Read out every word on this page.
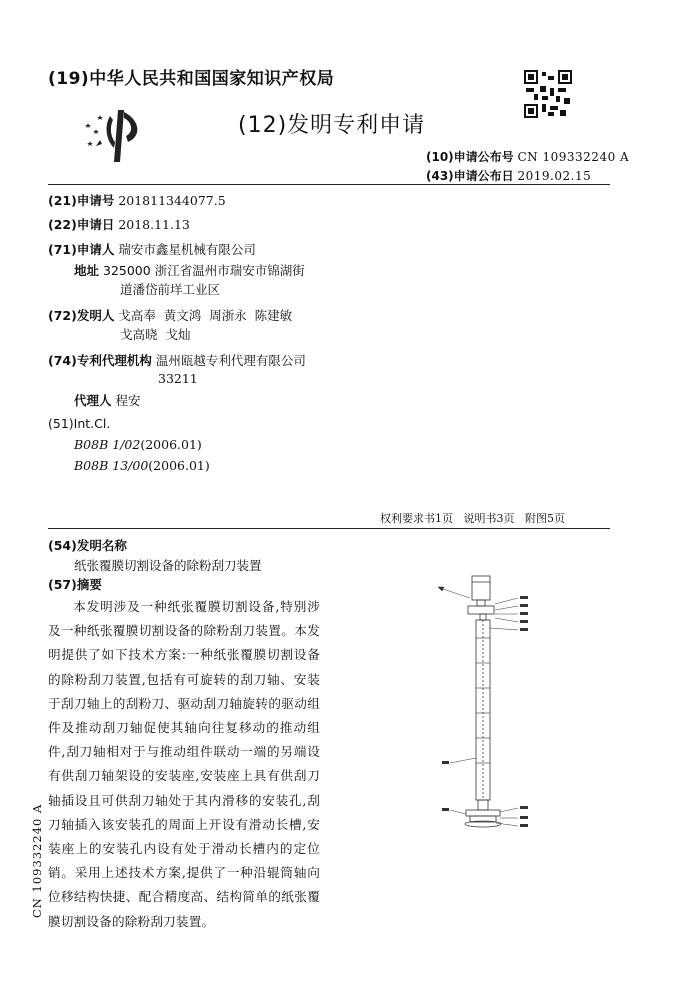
(19)中华人民共和国国家知识产权局
(12)发明专利申请
(10)申请公布号 CN 109332240 A
(43)申请公布日 2019.02.15
(21)申请号 201811344077.5
(22)申请日 2018.11.13
(71)申请人 瑞安市鑫星机械有限公司
地址 325000 浙江省温州市瑞安市锦湖街
道潘岱前垟工业区
(72)发明人 戈高奉  黄文鸿  周浙永  陈建敏
戈高晓  戈灿
(74)专利代理机构 温州瓯越专利代理有限公司
33211
代理人 程安
(51)Int.Cl.
B08B 1/02(2006.01)
B08B 13/00(2006.01)
权利要求书1页   说明书3页   附图5页
(54)发明名称
纸张覆膜切割设备的除粉刮刀装置
(57)摘要
本发明涉及一种纸张覆膜切割设备,特别涉及一种纸张覆膜切割设备的除粉刮刀装置。本发明提供了如下技术方案:一种纸张覆膜切割设备的除粉刮刀装置,包括有可旋转的刮刀轴、安装于刮刀轴上的刮粉刀、驱动刮刀轴旋转的驱动组件及推动刮刀轴促使其轴向往复移动的推动组件,刮刀轴相对于与推动组件联动一端的另端设有供刮刀轴架设的安装座,安装座上具有供刮刀轴插设且可供刮刀轴处于其内滑移的安装孔,刮刀轴插入该安装孔的周面上开设有滑动长槽,安装座上的安装孔内设有处于滑动长槽内的定位销。采用上述技术方案,提供了一种沿辊筒轴向位移结构快捷、配合精度高、结构简单的纸张覆膜切割设备的除粉刮刀装置。
CN 109332240 A
